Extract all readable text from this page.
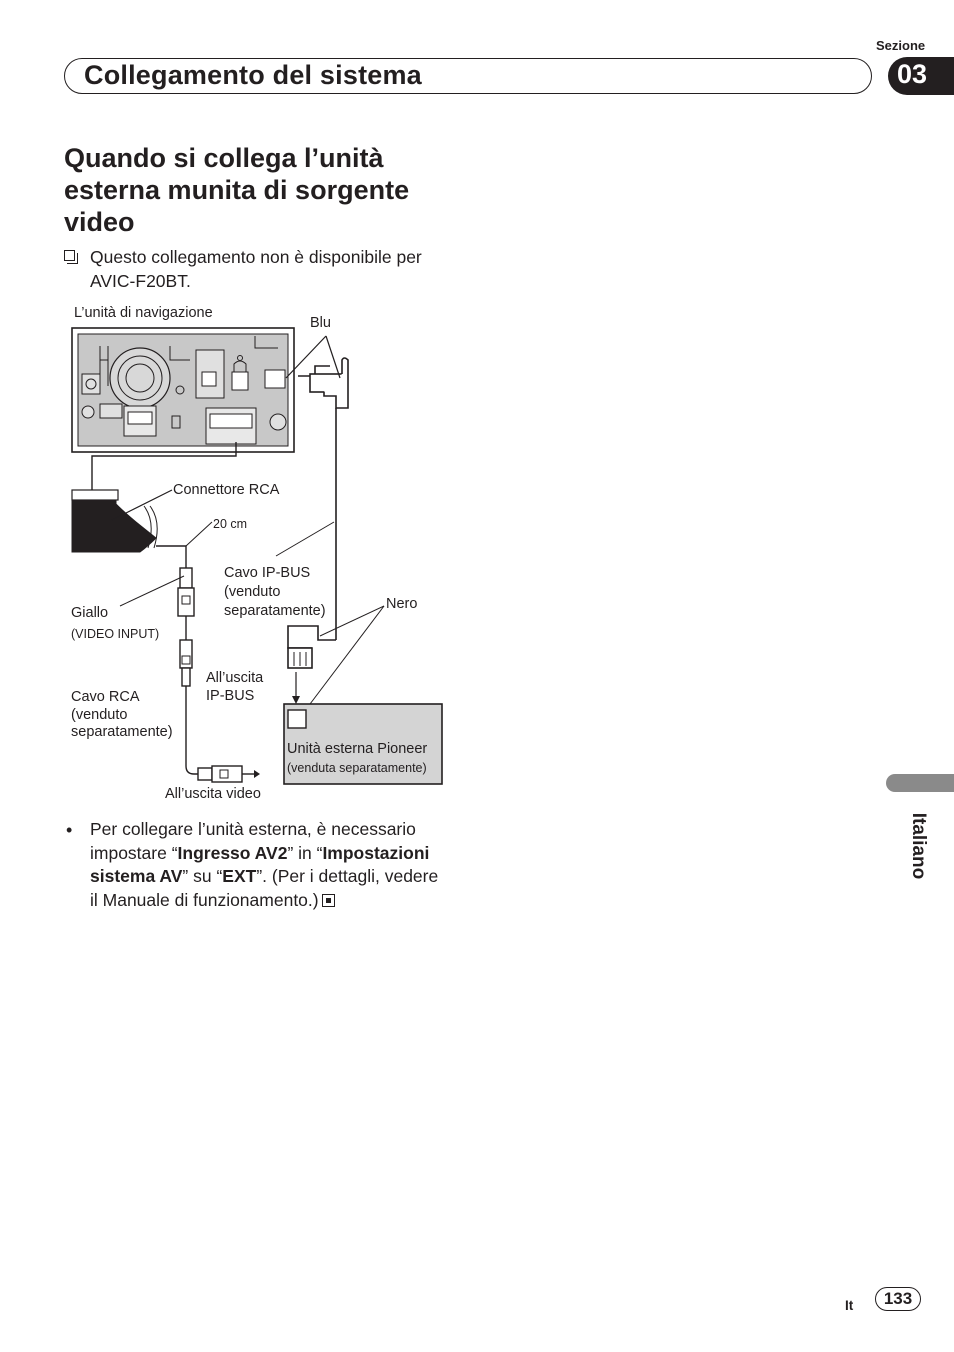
Sezione
Collegamento del sistema	03
Quando si collega l’unità esterna munita di sorgente video
Questo collegamento non è disponibile per AVIC-F20BT.
L’unità di navigazione
Blu
Connettore RCA
20 cm
Cavo IP-BUS
(venduto
separatamente)	Nero
Giallo
(VIDEO INPUT)
All’uscita
IP-BUS
Cavo RCA
(venduto
separatamente)
Unità esterna Pioneer
(venduta separatamente)
All’uscita video
• Per collegare l’unità esterna, è necessario impostare “Ingresso AV2” in “Impostazioni sistema AV” su “EXT”. (Per i dettagli, vedere il Manuale di funzionamento.)
Italiano
It	133
